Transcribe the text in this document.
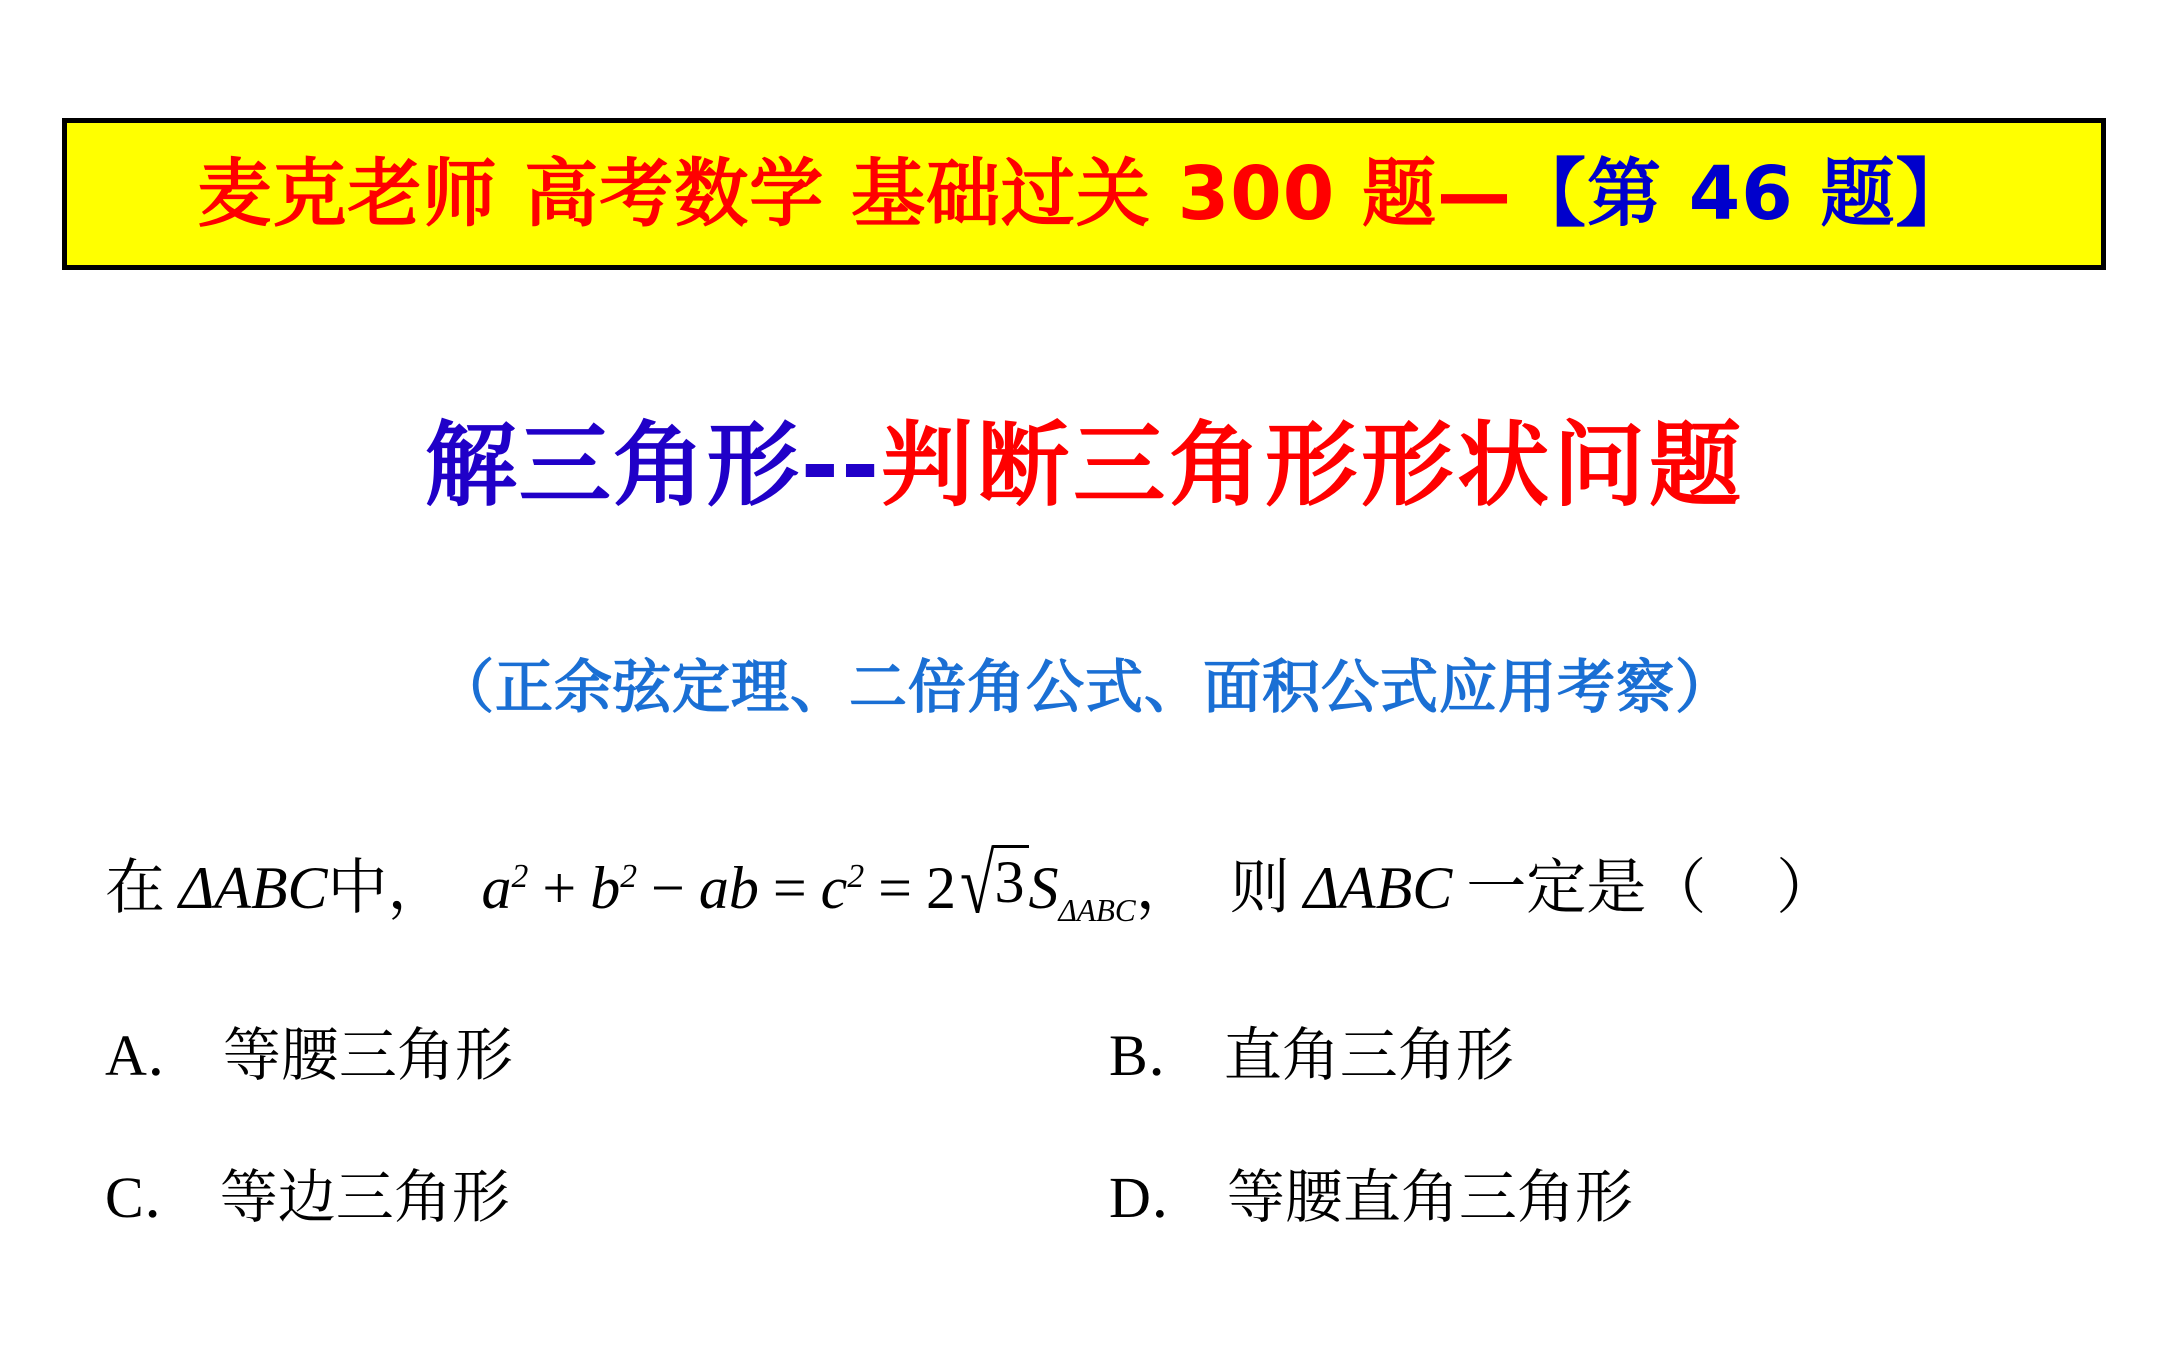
麦克老师 高考数学 基础过关 300 题—【第 46 题】
解三角形--判断三角形形状问题
（正余弦定理、二倍角公式、面积公式应用考察）
在 ΔABC 中， $a^2 + b^2$ − ab = $c^2 = 2√3S_{\Delta ABC}$ ， 则 ΔABC 一定是（ ）
A． 等腰三角形	B． 直角三角形
C． 等边三角形	D． 等腰直角三角形
